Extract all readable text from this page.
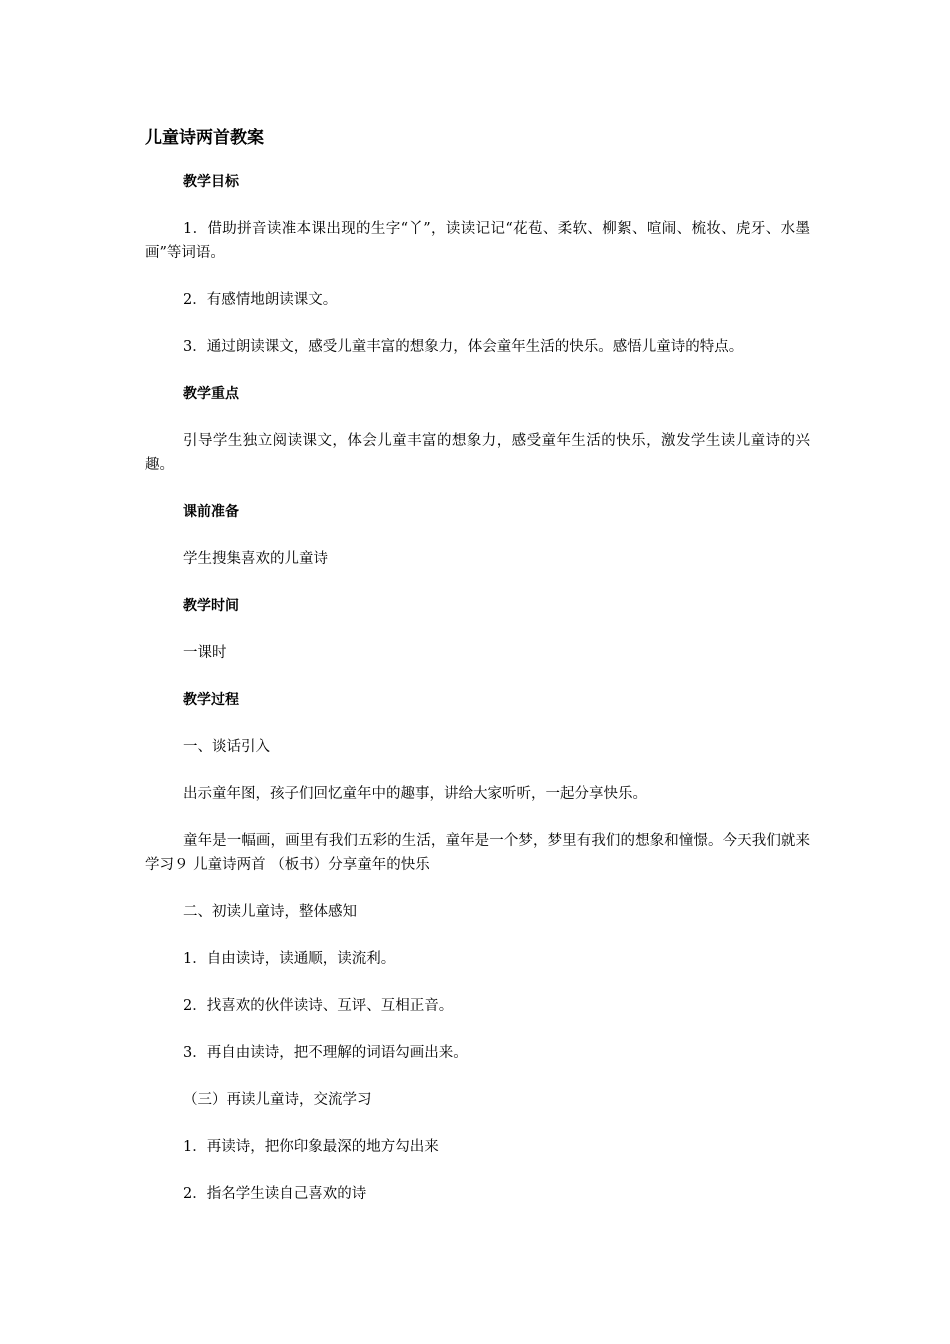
儿童诗两首教案
教学目标
1．借助拼音读准本课出现的生字“丫”，读读记记“花苞、柔软、柳絮、喧闹、梳妆、虎牙、水墨画”等词语。
2．有感情地朗读课文。
3．通过朗读课文，感受儿童丰富的想象力，体会童年生活的快乐。感悟儿童诗的特点。
教学重点
引导学生独立阅读课文，体会儿童丰富的想象力，感受童年生活的快乐，激发学生读儿童诗的兴趣。
课前准备
学生搜集喜欢的儿童诗
教学时间
一课时
教学过程
一、谈话引入
出示童年图，孩子们回忆童年中的趣事，讲给大家听听，一起分享快乐。
童年是一幅画，画里有我们五彩的生活，童年是一个梦，梦里有我们的想象和憧憬。今天我们就来学习９ 儿童诗两首 （板书）分享童年的快乐
二、初读儿童诗，整体感知
1．自由读诗，读通顺，读流利。
2．找喜欢的伙伴读诗、互评、互相正音。
3．再自由读诗，把不理解的词语勾画出来。
（三）再读儿童诗，交流学习
1．再读诗，把你印象最深的地方勾出来
2．指名学生读自己喜欢的诗
